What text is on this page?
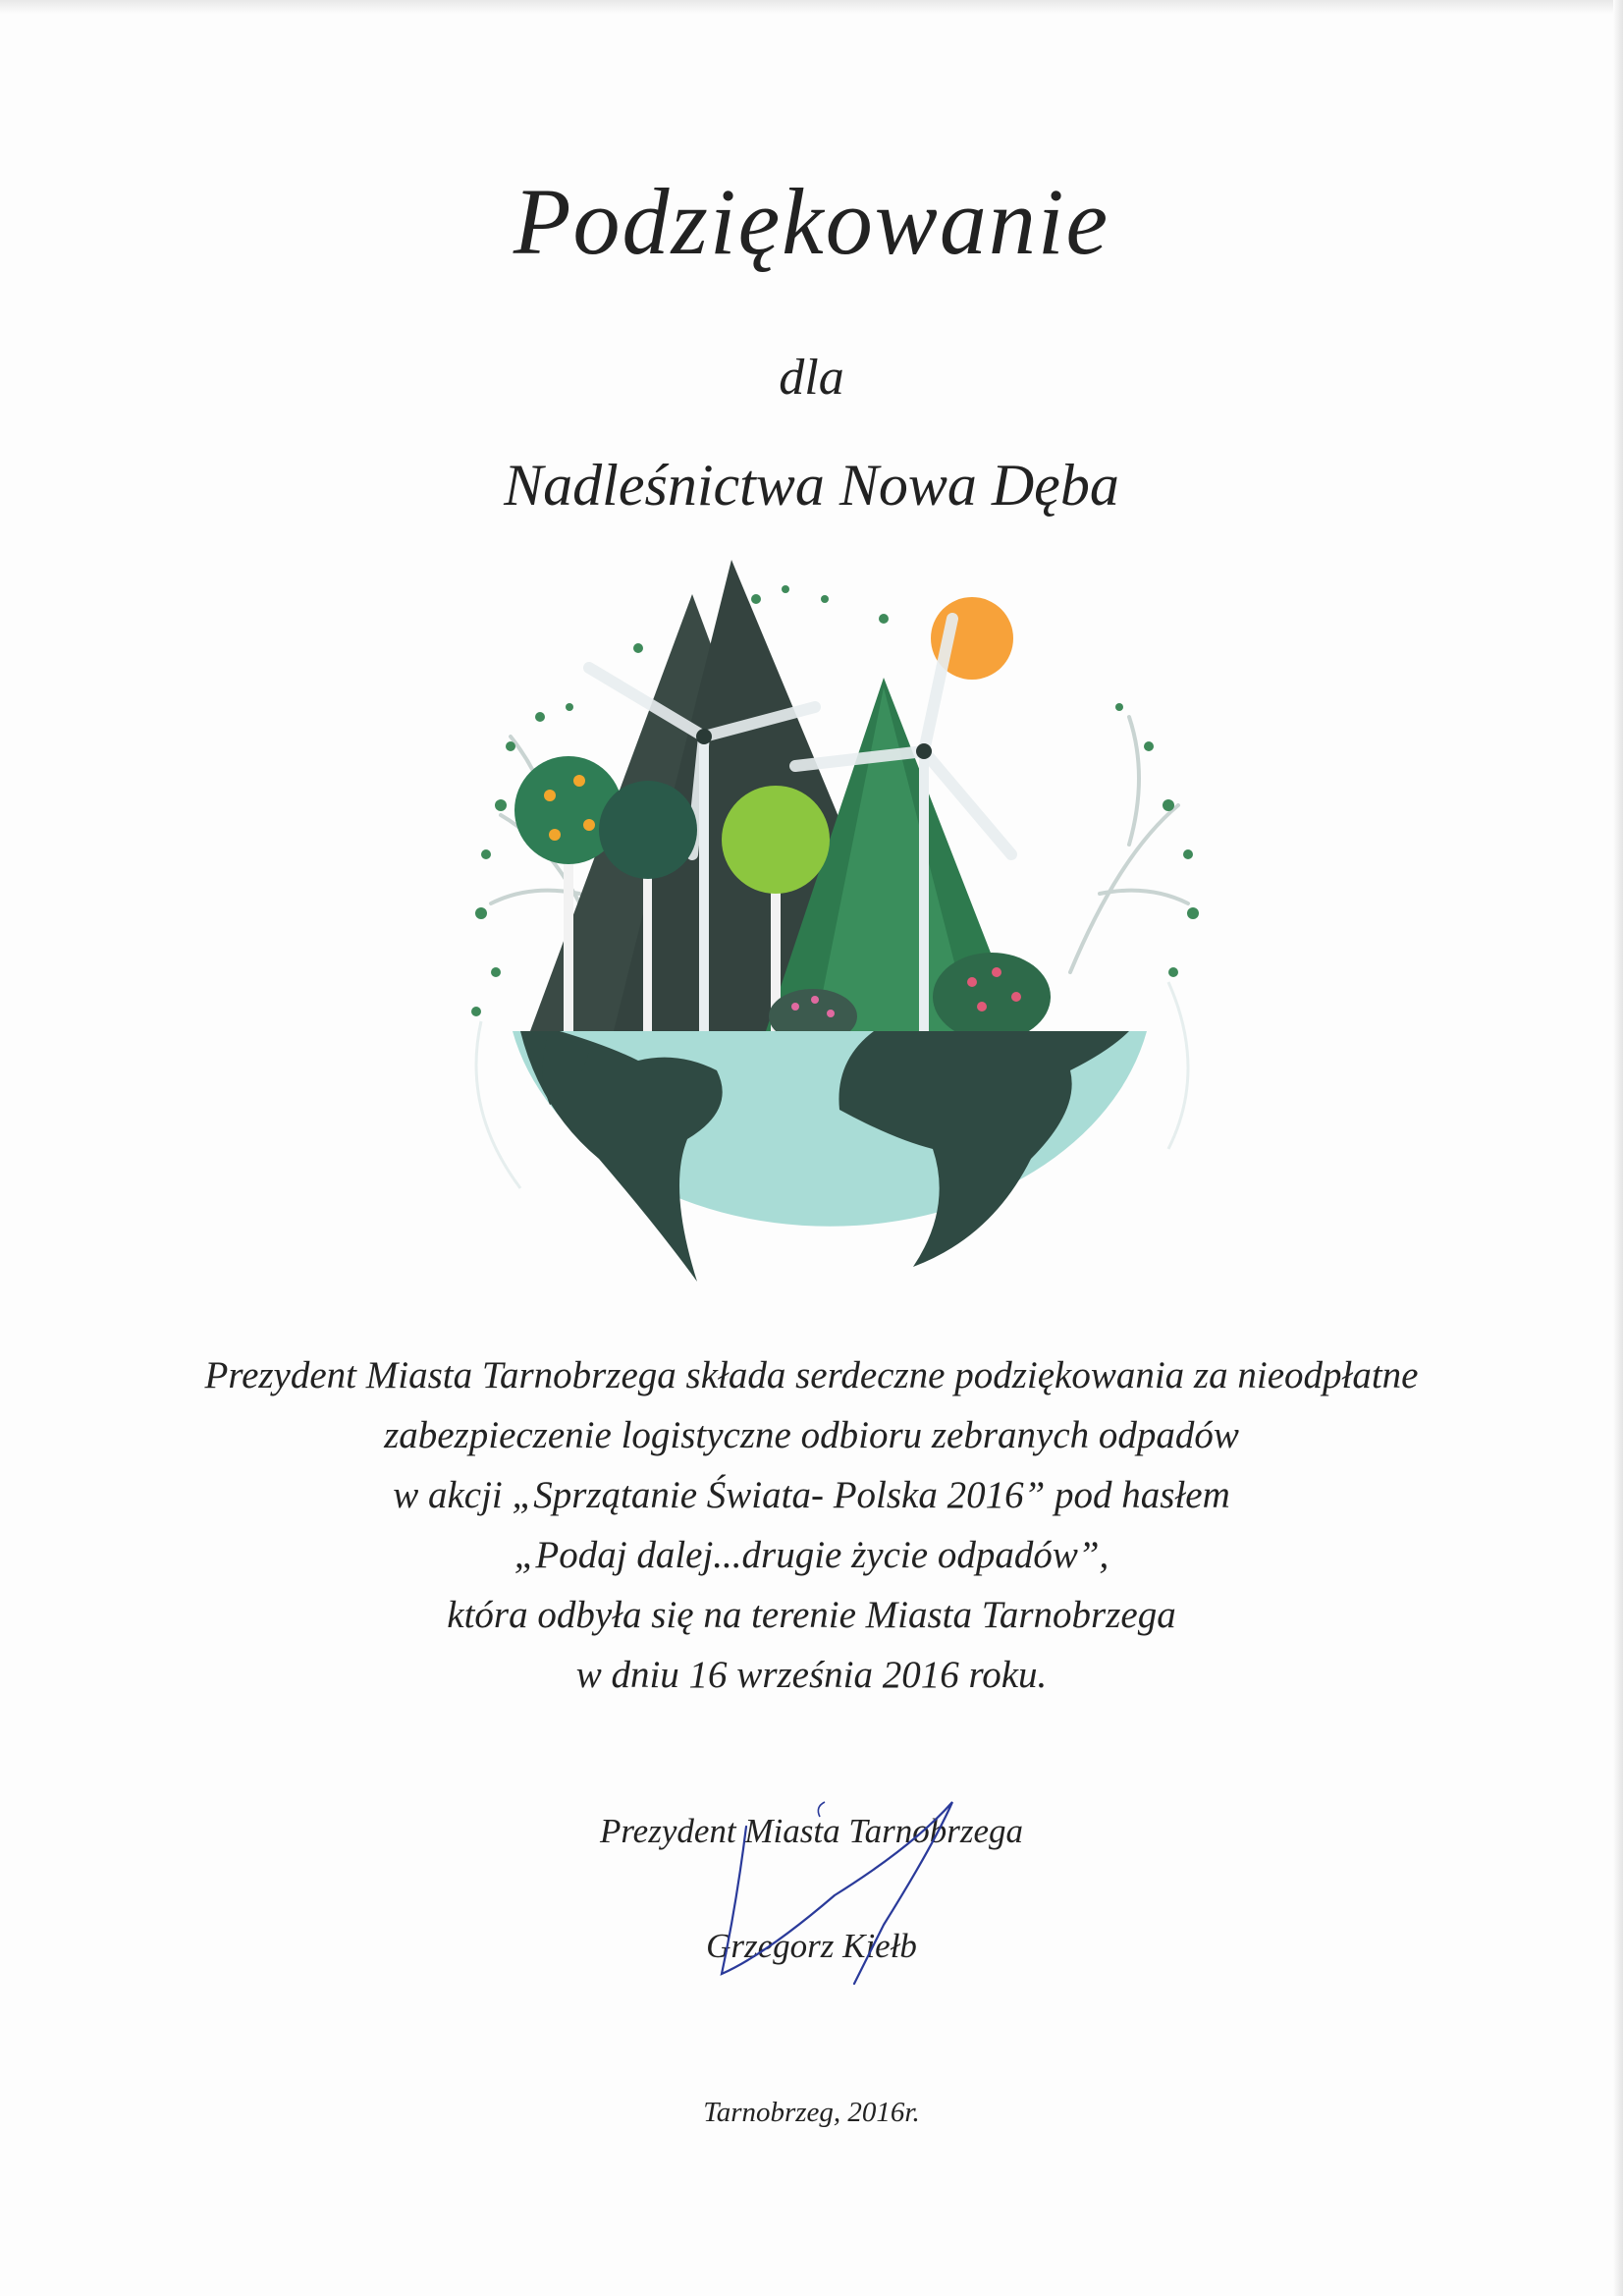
Podziękowanie
dla
Nadleśnictwa Nowa Dęba
Prezydent Miasta Tarnobrzega składa serdeczne podziękowania za nieodpłatne
zabezpieczenie logistyczne odbioru zebranych odpadów
w akcji „Sprzątanie Świata- Polska 2016” pod hasłem
„Podaj dalej...drugie życie odpadów”,
która odbyła się na terenie Miasta Tarnobrzega
w dniu 16 września 2016 roku.
Prezydent Miasta Tarnobrzega
Grzegorz Kiełb
Tarnobrzeg, 2016r.
